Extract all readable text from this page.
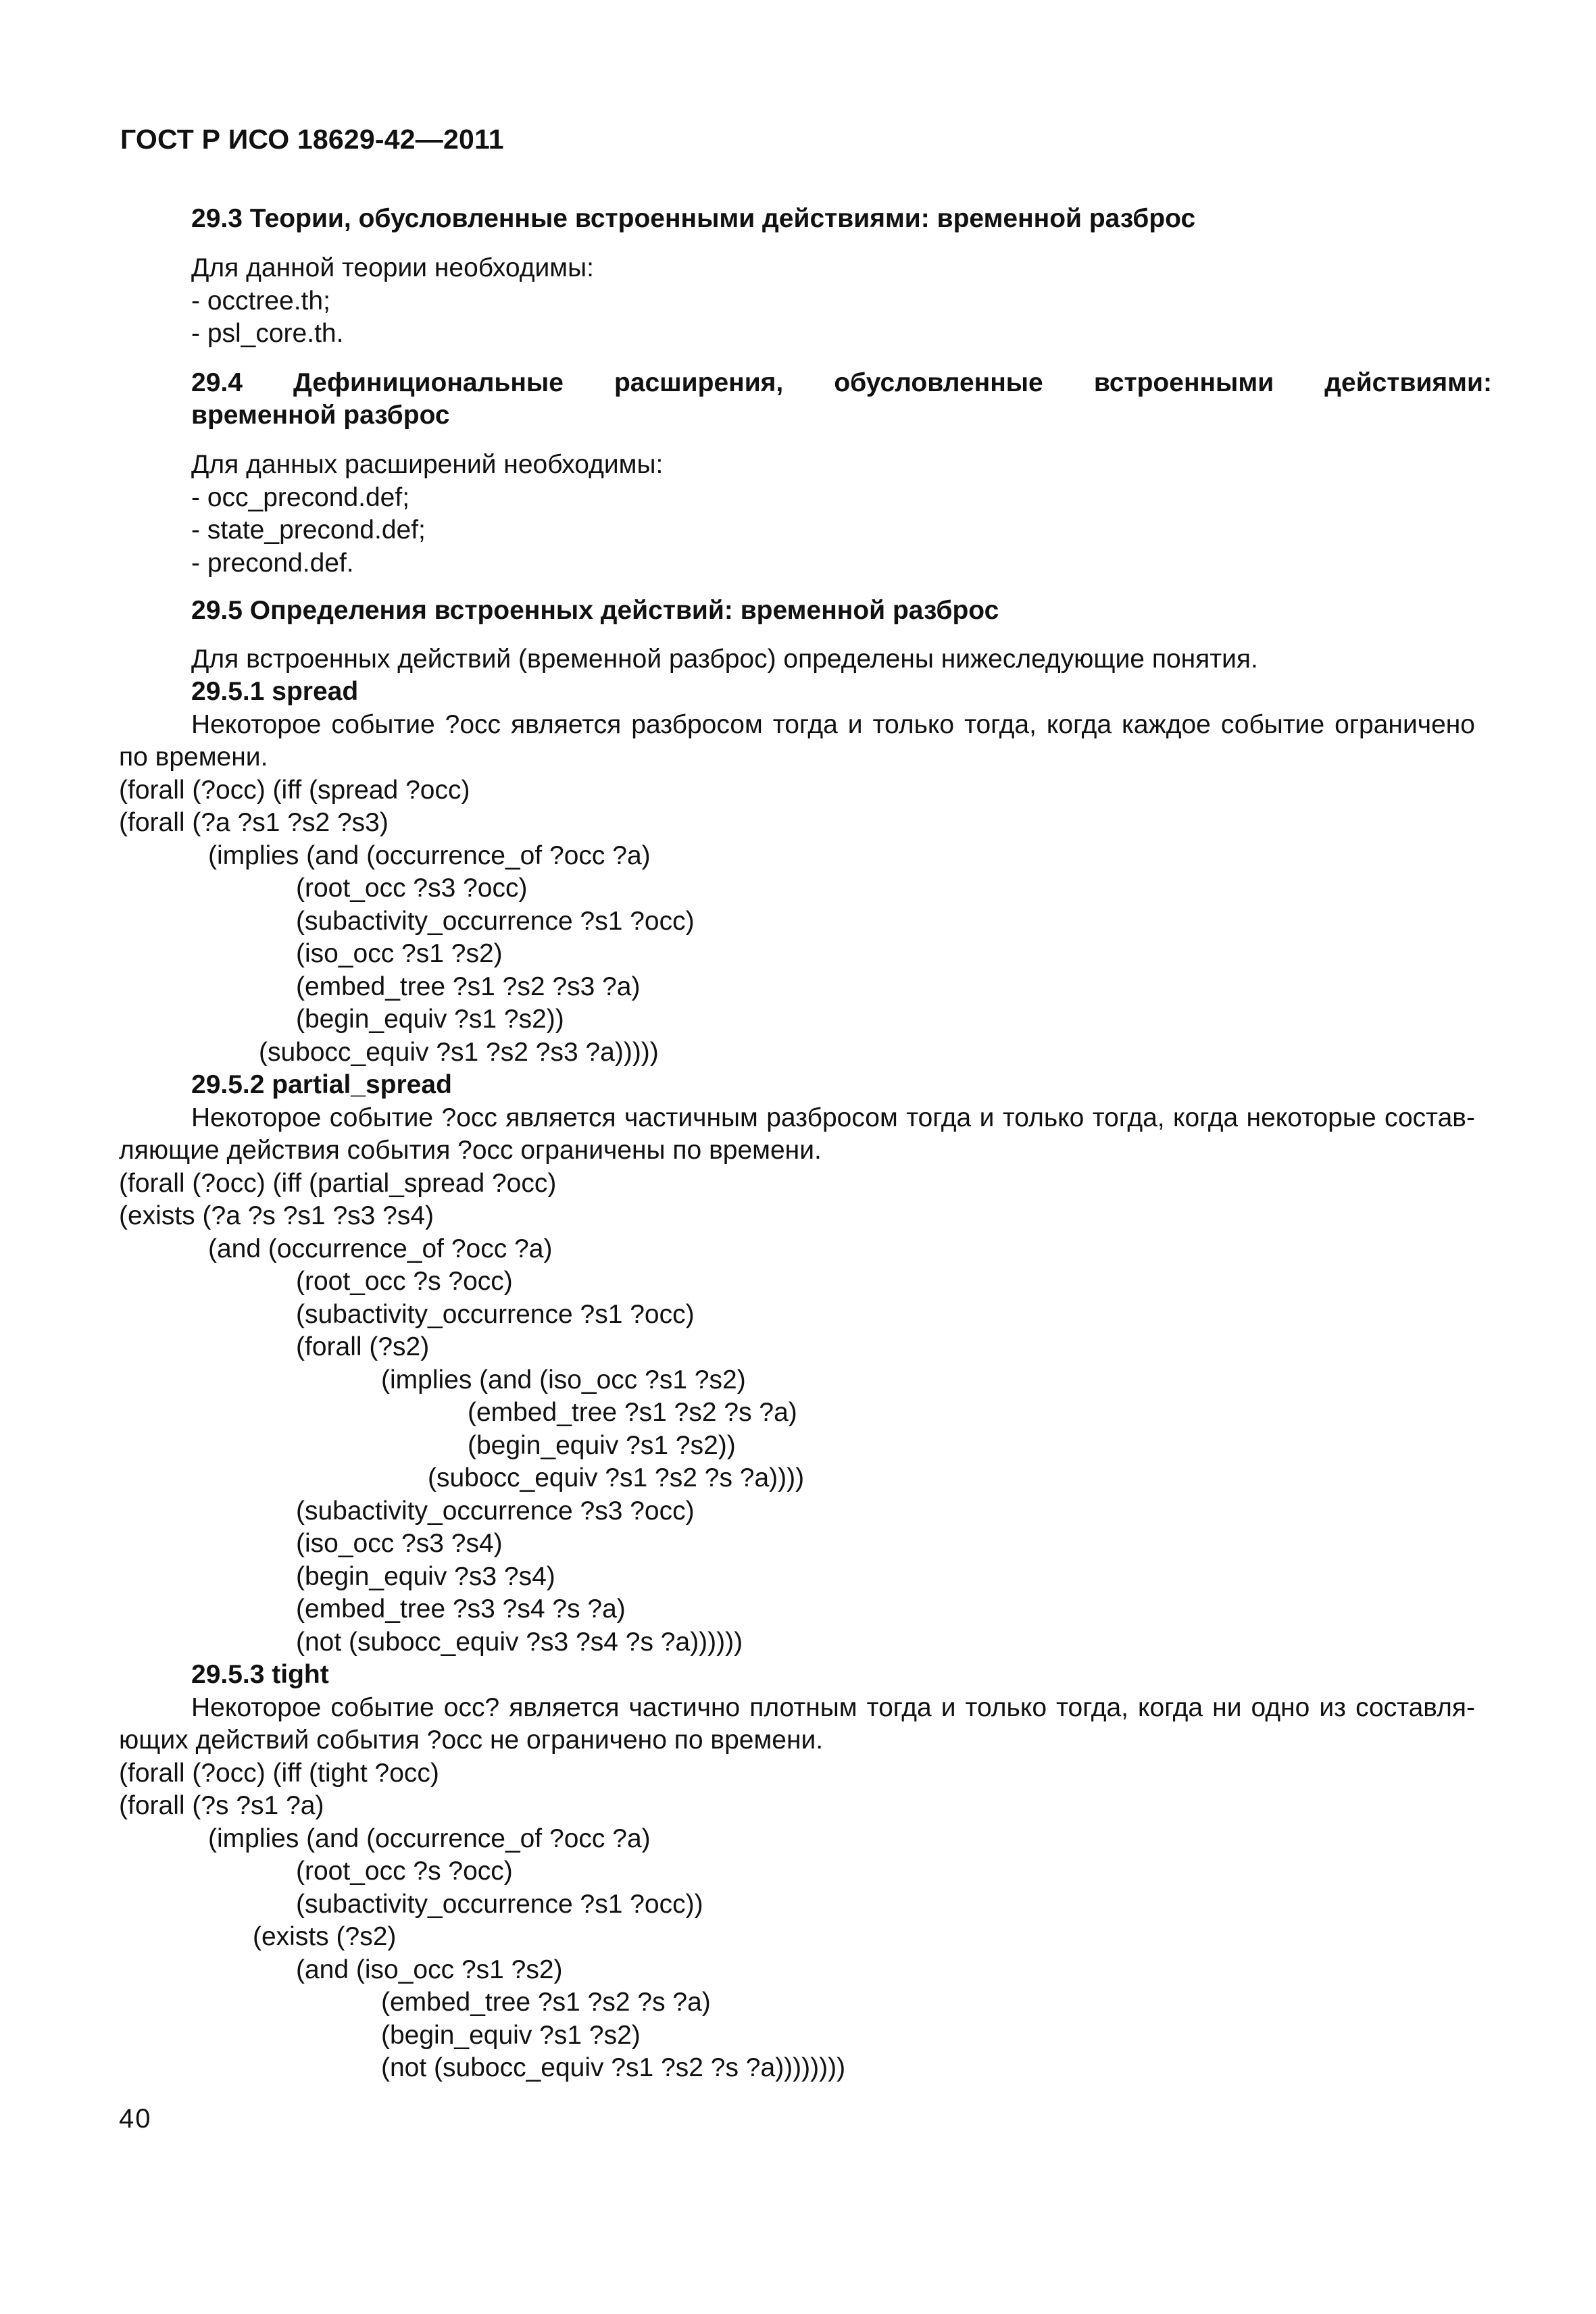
ГОСТ Р ИСО 18629-42—2011
29.3 Теории, обусловленные встроенными действиями: временной разброс
Для данной теории необходимы:
- occtree.th;
- psl_core.th.
29.4 Дефиниционaльные расширения, обусловленные встроенными действиями:
временной разброс
Для данных расширений необходимы:
- occ_precond.def;
- state_precond.def;
- precond.def.
29.5 Определения встроенных действий: временной разброс
Для встроенных действий (временной разброс) определены нижеследующие понятия.
29.5.1 spread
Некоторое событие ?occ является разбросом тогда и только тогда, когда каждое событие ограничено
по времени.
(forall (?occ) (iff (spread ?occ)
(forall (?a ?s1 ?s2 ?s3)
(implies (and (occurrence_of ?occ ?a)
(root_occ ?s3 ?occ)
(subactivity_occurrence ?s1 ?occ)
(iso_occ ?s1 ?s2)
(embed_tree ?s1 ?s2 ?s3 ?a)
(begin_equiv ?s1 ?s2))
(subocc_equiv ?s1 ?s2 ?s3 ?a)))))
29.5.2 partial_spread
Некоторое событие ?occ является частичным разбросом тогда и только тогда, когда некоторые состав-
ляющие действия события ?occ ограничены по времени.
(forall (?occ) (iff (partial_spread ?occ)
(exists (?a ?s ?s1 ?s3 ?s4)
(and (occurrence_of ?occ ?a)
(root_occ ?s ?occ)
(subactivity_occurrence ?s1 ?occ)
(forall (?s2)
(implies (and (iso_occ ?s1 ?s2)
(embed_tree ?s1 ?s2 ?s ?a)
(begin_equiv ?s1 ?s2))
(subocc_equiv ?s1 ?s2 ?s ?a))))
(subactivity_occurrence ?s3 ?occ)
(iso_occ ?s3 ?s4)
(begin_equiv ?s3 ?s4)
(embed_tree ?s3 ?s4 ?s ?a)
(not (subocc_equiv ?s3 ?s4 ?s ?a))))))
29.5.3 tight
Некоторое событие occ? является частично плотным тогда и только тогда, когда ни одно из составля-
ющих действий события ?occ не ограничено по времени.
(forall (?occ) (iff (tight ?occ)
(forall (?s ?s1 ?a)
(implies (and (occurrence_of ?occ ?a)
(root_occ ?s ?occ)
(subactivity_occurrence ?s1 ?occ))
(exists (?s2)
(and (iso_occ ?s1 ?s2)
(embed_tree ?s1 ?s2 ?s ?a)
(begin_equiv ?s1 ?s2)
(not (subocc_equiv ?s1 ?s2 ?s ?a))))))))
40
